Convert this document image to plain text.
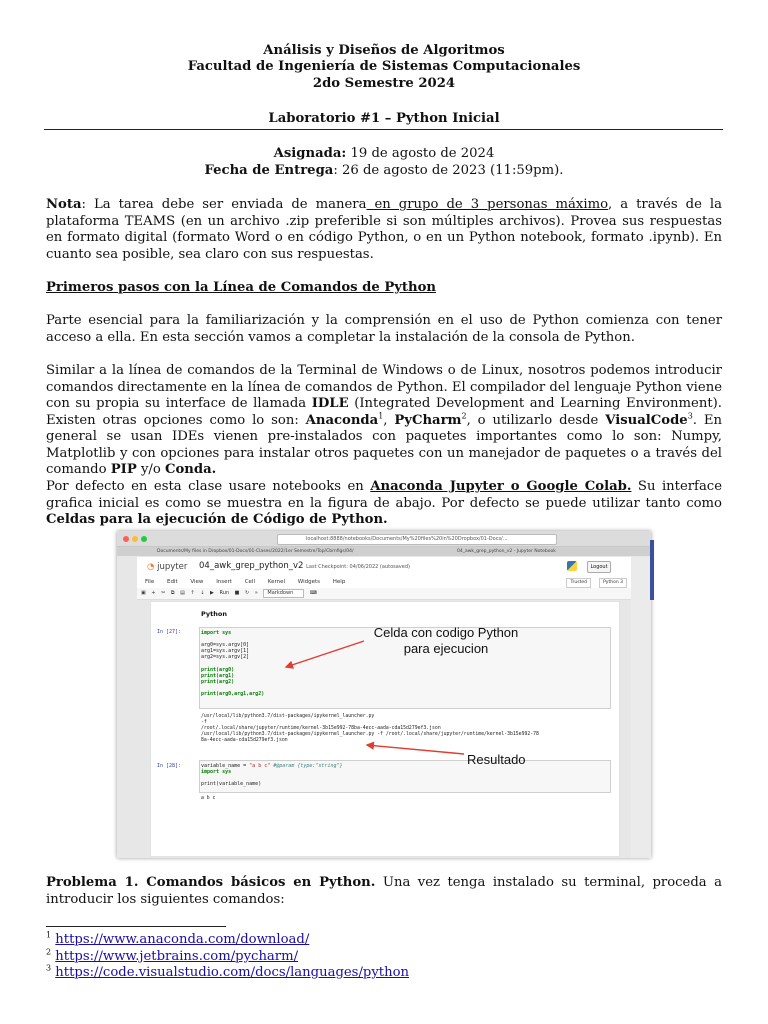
Análisis y Diseños de Algoritmos
Facultad de Ingeniería de Sistemas Computacionales
2do Semestre 2024
Laboratorio #1 – Python Inicial
Asignada: 19 de agosto de 2024
Fecha de Entrega: 26 de agosto de 2023 (11:59pm).
Nota: La tarea debe ser enviada de manera en grupo de 3 personas máximo, a través de la plataforma TEAMS (en un archivo .zip preferible si son múltiples archivos). Provea sus respuestas en formato digital (formato Word o en código Python, o en un Python notebook, formato .ipynb). En cuanto sea posible, sea claro con sus respuestas.
Primeros pasos con la Línea de Comandos de Python
Parte esencial para la familiarización y la comprensión en el uso de Python comienza con tener acceso a ella. En esta sección vamos a completar la instalación de la consola de Python.
Similar a la línea de comandos de la Terminal de Windows o de Linux, nosotros podemos introducir comandos directamente en la línea de comandos de Python. El compilador del lenguaje Python viene con su propia su interface de llamada IDLE (Integrated Development and Learning Environment). Existen otras opciones como lo son: Anaconda$^1$, PyCharm$^2$, o utilizarlo desde VisualCode$^3$. En general se usan IDEs vienen pre-instalados con paquetes importantes como lo son: Numpy, Matplotlib y con opciones para instalar otros paquetes con un manejador de paquetes o a través del comando PIP y/o Conda.
Por defecto en esta clase usare notebooks en Anaconda Jupyter o Google Colab. Su interface grafica inicial es como se muestra en la figura de abajo. Por defecto se puede utilizar tanto como Celdas para la ejecución de Código de Python.
localhost:8888/notebooks/Documents/My%20files%20in%20Dropbox/01-Docs/...
Documents/My files in Dropbox/01-Docs/01-Clases/2022/1er Semestre/Top/Cbrnfigs/04/	04_awk_grep_python_v2 - Jupyter Notebook
◔ jupyter 04_awk_grep_python_v2 Last Checkpoint: 04/06/2022 (autosaved)	Logout
File Edit View Insert Cell Kernel Widgets Help	Trusted	Python 3
▣ + ✂ ⧉ ▤ ↑ ↓ ▶ Run ■ ↻ » Markdown	⌨
Python
In [27]:	import sys

arg0=sys.argv[0]
arg1=sys.argv[1]
arg2=sys.argv[2]

print(arg0)
print(arg1)
print(arg2)

print(arg0,arg1,arg2)
/usr/local/lib/python3.7/dist-packages/ipykernel_launcher.py
-f
/root/.local/share/jupyter/runtime/kernel-3b15e992-78ba-4ecc-aada-cda15d279ef3.json
/usr/local/lib/python3.7/dist-packages/ipykernel_launcher.py -f /root/.local/share/jupyter/runtime/kernel-3b15e992-78
8a-4ecc-aada-cda15d279ef3.json
In [28]:	variable_name = "a b c" #@param {type:"string"}
import sys

print(variable_name)
a b c
Celda con codigo Python
para ejecucion
Resultado
Problema 1. Comandos básicos en Python. Una vez tenga instalado su terminal, proceda a introducir los siguientes comandos:
$^1$ https://www.anaconda.com/download/
$^2$ https://www.jetbrains.com/pycharm/
$^3$ https://code.visualstudio.com/docs/languages/python
